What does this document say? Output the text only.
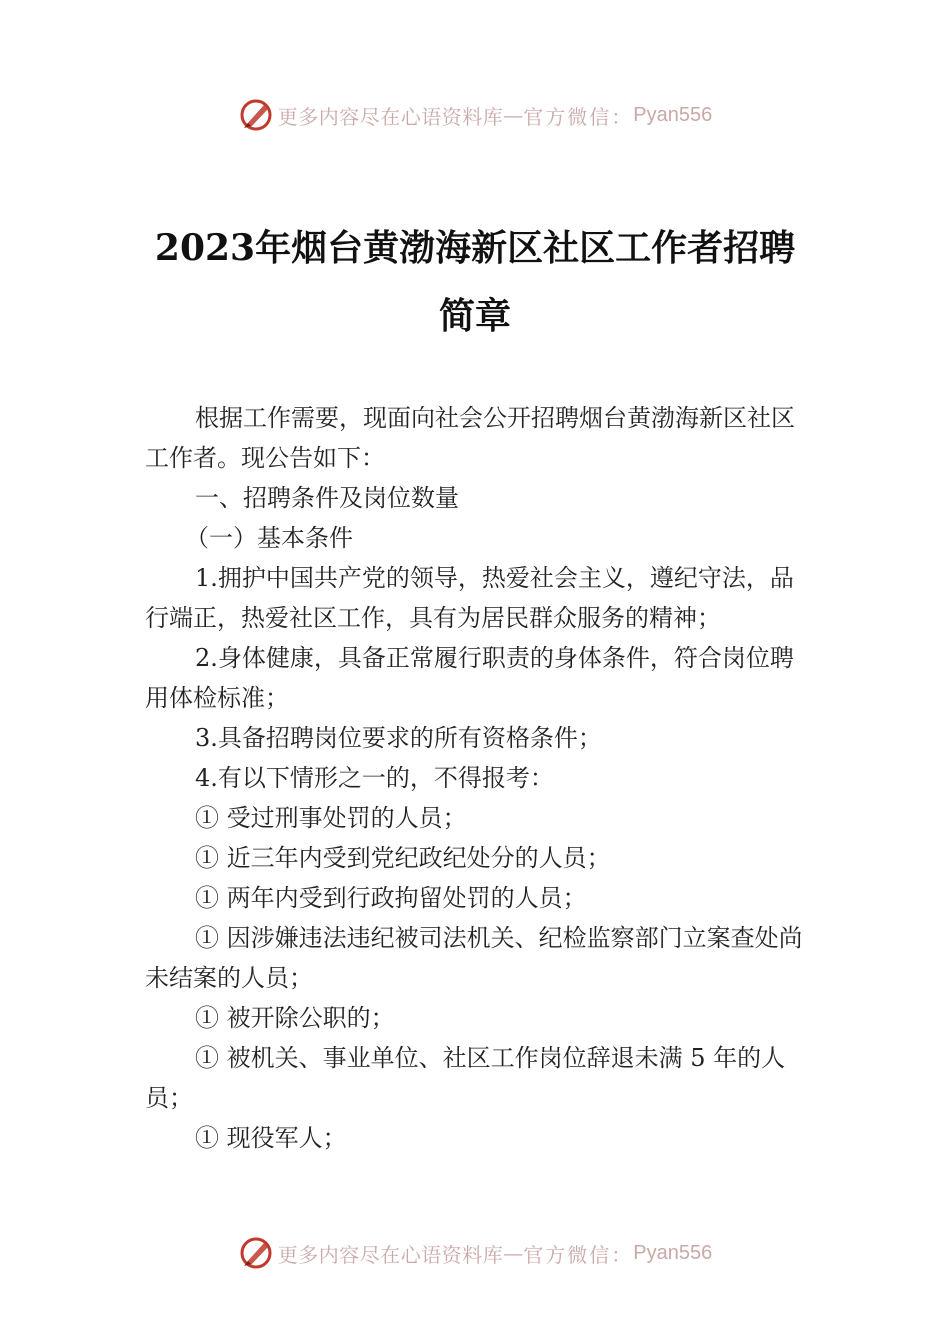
更多内容尽在心语资料库 — 官方微信： Pyan556
2023年烟台黄渤海新区社区工作者招聘简章

根据工作需要，现面向社会公开招聘烟台黄渤海新区社区工作者。现公告如下：

一、招聘条件及岗位数量

（一）基本条件

1.拥护中国共产党的领导，热爱社会主义，遵纪守法，品行端正，热爱社区工作，具有为居民群众服务的精神；

2.身体健康，具备正常履行职责的身体条件，符合岗位聘用体检标准；

3.具备招聘岗位要求的所有资格条件；

4.有以下情形之一的，不得报考：

① 受过刑事处罚的人员；

① 近三年内受到党纪政纪处分的人员；

① 两年内受到行政拘留处罚的人员；

① 因涉嫌违法违纪被司法机关、纪检监察部门立案查处尚未结案的人员；

① 被开除公职的；

① 被机关、事业单位、社区工作岗位辞退未满 5 年的人员；

① 现役军人；

更多内容尽在心语资料库 — 官方微信： Pyan556
